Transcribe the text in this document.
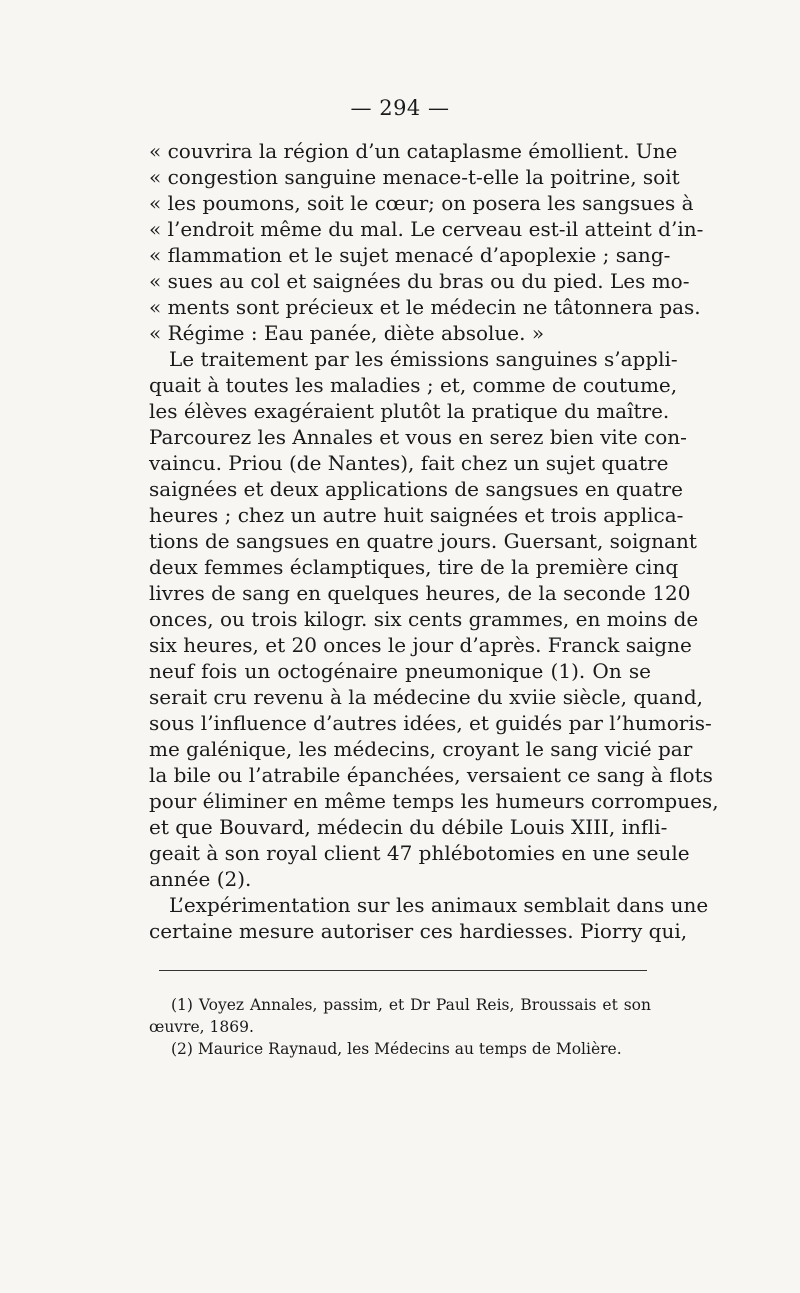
— 294 —
« couvrira la région d’un cataplasme émollient. Une
« congestion sanguine menace-t-elle la poitrine, soit
« les poumons, soit le cœur; on posera les sangsues à
« l’endroit même du mal. Le cerveau est-il atteint d’in-
« flammation et le sujet menacé d’apoplexie ; sang-
« sues au col et saignées du bras ou du pied. Les mo-
« ments sont précieux et le médecin ne tâtonnera pas.
« Régime : Eau panée, diète absolue. »
Le traitement par les émissions sanguines s’appli-
quait à toutes les maladies ; et, comme de coutume,
les élèves exagéraient plutôt la pratique du maître.
Parcourez les Annales et vous en serez bien vite con-
vaincu. Priou (de Nantes), fait chez un sujet quatre
saignées et deux applications de sangsues en quatre
heures ; chez un autre huit saignées et trois applica-
tions de sangsues en quatre jours. Guersant, soignant
deux femmes éclamptiques, tire de la première cinq
livres de sang en quelques heures, de la seconde 120
onces, ou trois kilogr. six cents grammes, en moins de
six heures, et 20 onces le jour d’après. Franck saigne
neuf fois un octogénaire pneumonique (1). On se
serait cru revenu à la médecine du xviie siècle, quand,
sous l’influence d’autres idées, et guidés par l’humoris-
me galénique, les médecins, croyant le sang vicié par
la bile ou l’atrabile épanchées, versaient ce sang à flots
pour éliminer en même temps les humeurs corrompues,
et que Bouvard, médecin du débile Louis XIII, infli-
geait à son royal client 47 phlébotomies en une seule
année (2).
L’expérimentation sur les animaux semblait dans une
certaine mesure autoriser ces hardiesses. Piorry qui,
(1) Voyez Annales, passim, et Dr Paul Reis, Broussais et son
œuvre, 1869.
(2) Maurice Raynaud, les Médecins au temps de Molière.
